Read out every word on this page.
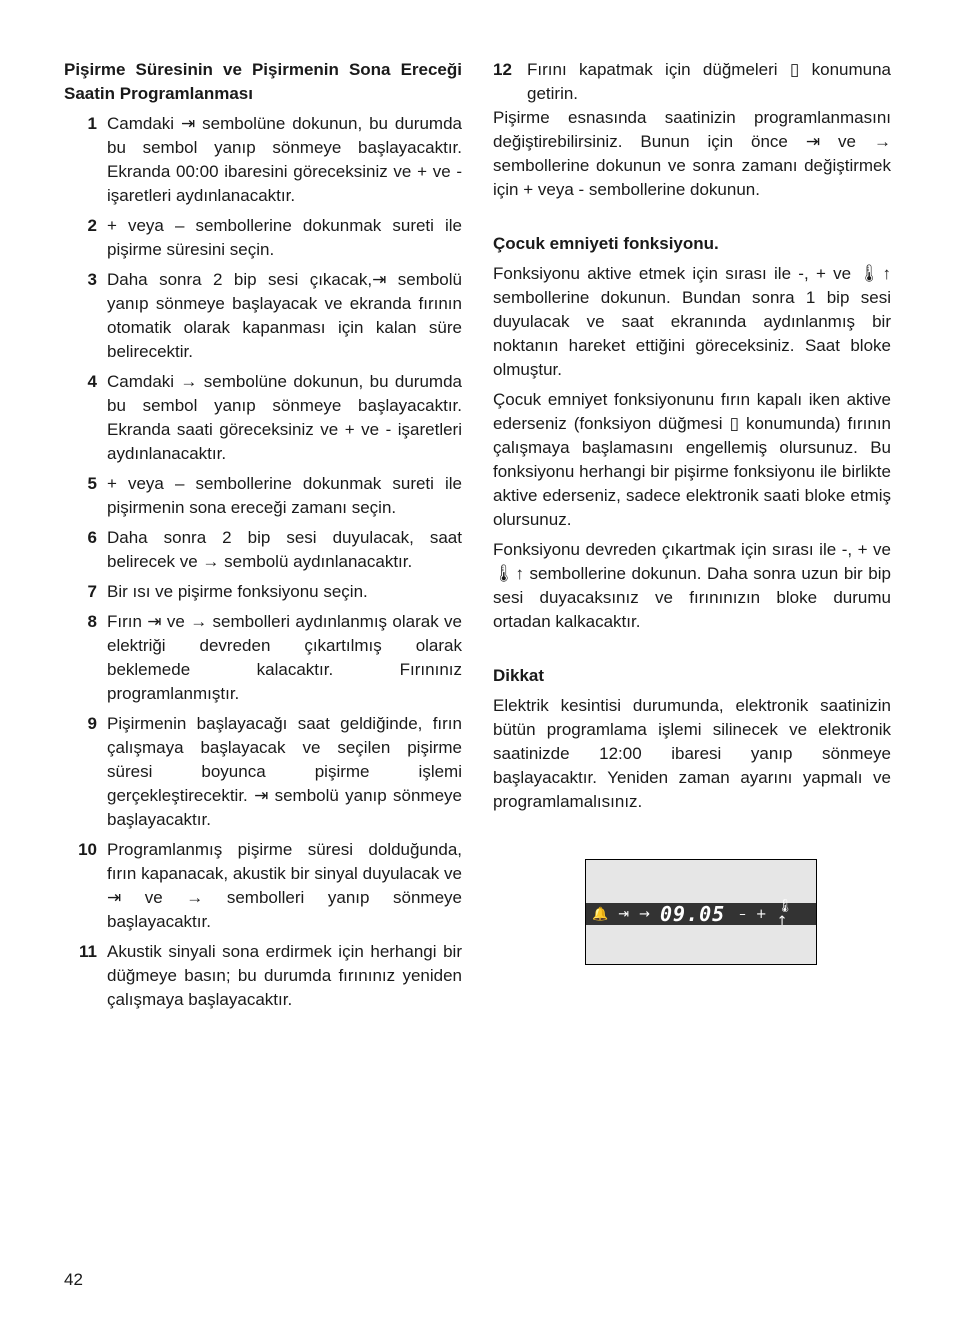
Pişirme Süresinin ve Pişirmenin Sona Ereceği Saatin Programlanması

1 Camdaki ⇥ sembolüne dokunun, bu durumda bu sembol yanıp sönmeye başlayacaktır. Ekranda 00:00 ibaresini göreceksiniz ve + ve - işaretleri aydınlanacaktır.
2 + veya – sembollerine dokunmak sureti ile pişirme süresini seçin.
3 Daha sonra 2 bip sesi çıkacak,⇥ sembolü yanıp sönmeye başlayacak ve ekranda fırının otomatik olarak kapanması için kalan süre belirecektir.
4 Camdaki → sembolüne dokunun, bu durumda bu sembol yanıp sönmeye başlayacaktır. Ekranda saati göreceksiniz ve + ve - işaretleri aydınlanacaktır.
5 + veya – sembollerine dokunmak sureti ile pişirmenin sona ereceği zamanı seçin.
6 Daha sonra 2 bip sesi duyulacak, saat belirecek ve → sembolü aydınlanacaktır.
7 Bir ısı ve pişirme fonksiyonu seçin.
8 Fırın ⇥ ve → sembolleri aydınlanmış olarak ve elektriği devreden çıkartılmış olarak beklemede kalacaktır. Fırınınız programlanmıştır.
9 Pişirmenin başlayacağı saat geldiğinde, fırın çalışmaya başlayacak ve seçilen pişirme süresi boyunca pişirme işlemi gerçekleştirecektir. ⇥ sembolü yanıp sönmeye başlayacaktır.
10 Programlanmış pişirme süresi dolduğunda, fırın kapanacak, akustik bir sinyal duyulacak ve ⇥ ve → sembolleri yanıp sönmeye başlayacaktır.
11 Akustik sinyali sona erdirmek için herhangi bir düğmeye basın; bu durumda fırınınız yeniden çalışmaya başlayacaktır.
12 Fırını kapatmak için düğmeleri ▯ konumuna getirin.

Pişirme esnasında saatinizin programlanmasını değiştirebilirsiniz. Bunun için önce ⇥ ve → sembollerine dokunun ve sonra zamanı değiştirmek için + veya - sembollerine dokunun.

Çocuk emniyeti fonksiyonu.

Fonksiyonu aktive etmek için sırası ile -, + ve 🌡↑ sembollerine dokunun. Bundan sonra 1 bip sesi duyulacak ve saat ekranında aydınlanmış bir noktanın hareket ettiğini göreceksiniz. Saat bloke olmuştur.

Çocuk emniyet fonksiyonunu fırın kapalı iken aktive ederseniz (fonksiyon düğmesi ▯ konumunda) fırının çalışmaya başlamasını engellemiş olursunuz. Bu fonksiyonu herhangi bir pişirme fonksiyonu ile birlikte aktive ederseniz, sadece elektronik saati bloke etmiş olursunuz.

Fonksiyonu devreden çıkartmak için sırası ile -, + ve 🌡↑ sembollerine dokunun. Daha sonra uzun bir bip sesi duyacaksınız ve fırınınızın bloke durumu ortadan kalkacaktır.

Dikkat

Elektrik kesintisi durumunda, elektronik saatinizin bütün programlama işlemi silinecek ve elektronik saatinizde 12:00 ibaresi yanıp sönmeye başlayacaktır. Yeniden zaman ayarını yapmalı ve programlamalısınız.

🔔 ⇥ → 09.05 – + 🌡↑
42
